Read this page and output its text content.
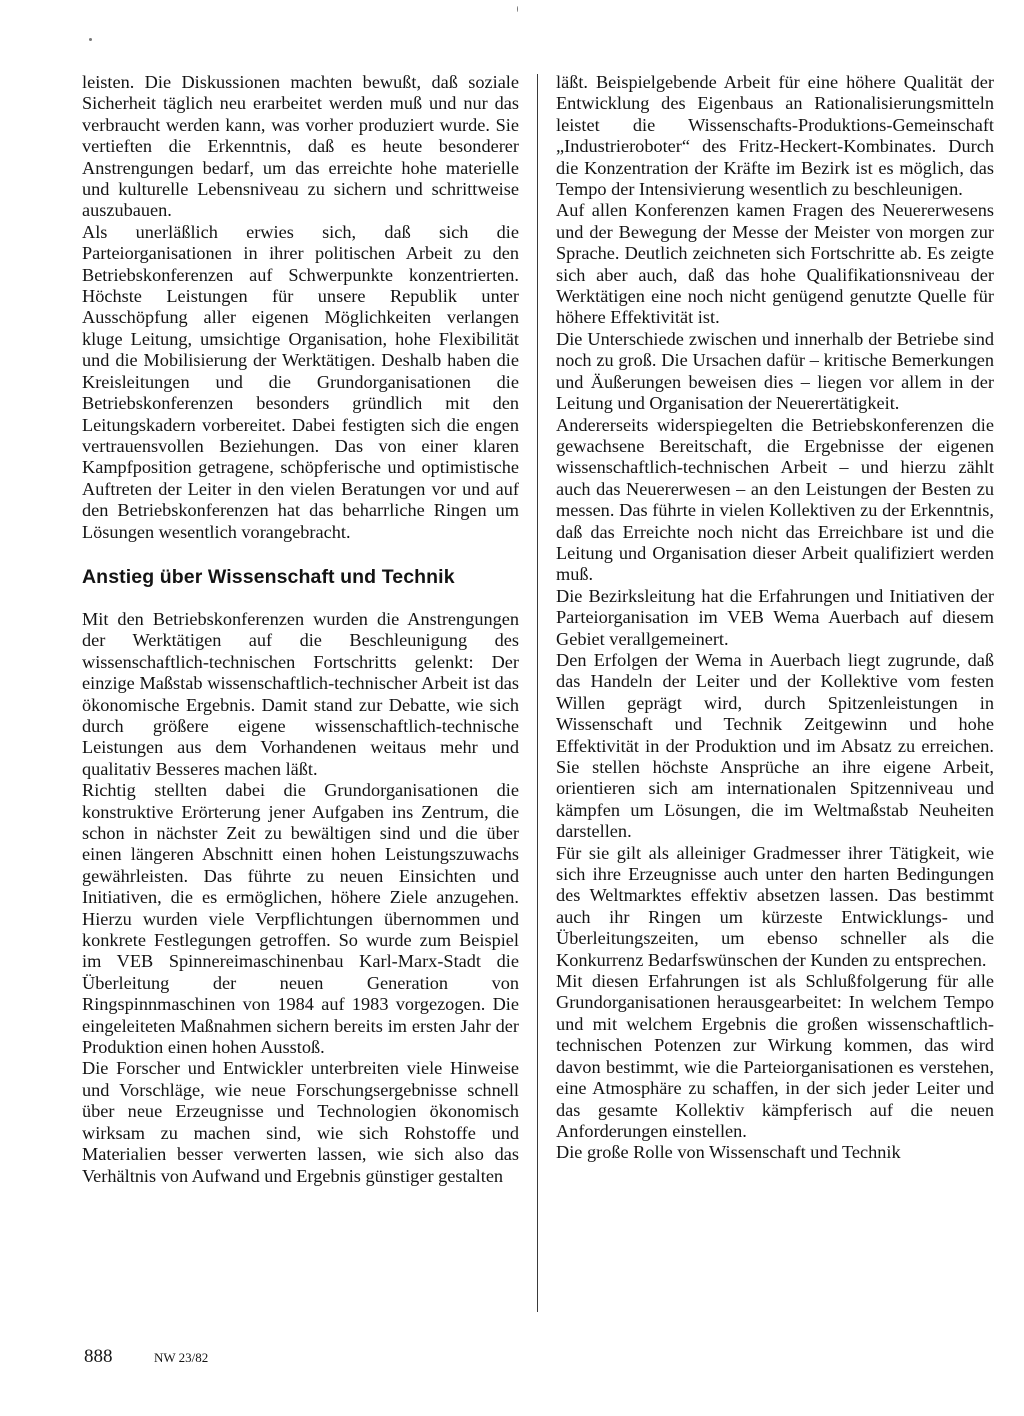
leisten. Die Diskussionen machten bewußt, daß soziale Sicherheit täglich neu erarbeitet werden muß und nur das verbraucht werden kann, was vorher produziert wurde. Sie vertieften die Erkenntnis, daß es heute besonderer Anstrengungen bedarf, um das erreichte hohe materielle und kulturelle Lebensniveau zu sichern und schrittweise auszubauen.

Als unerläßlich erwies sich, daß sich die Parteiorganisationen in ihrer politischen Arbeit zu den Betriebskonferenzen auf Schwerpunkte konzentrierten. Höchste Leistungen für unsere Republik unter Ausschöpfung aller eigenen Möglichkeiten verlangen kluge Leitung, umsichtige Organisation, hohe Flexibilität und die Mobilisierung der Werktätigen. Deshalb haben die Kreisleitungen und die Grundorganisationen die Betriebskonferenzen besonders gründlich mit den Leitungskadern vorbereitet. Dabei festigten sich die engen vertrauensvollen Beziehungen. Das von einer klaren Kampfposition getragene, schöpferische und optimistische Auftreten der Leiter in den vielen Beratungen vor und auf den Betriebskonferenzen hat das beharrliche Ringen um Lösungen wesentlich vorangebracht.

Anstieg über Wissenschaft und Technik

Mit den Betriebskonferenzen wurden die Anstrengungen der Werktätigen auf die Beschleunigung des wissenschaftlich-technischen Fortschritts gelenkt: Der einzige Maßstab wissenschaftlich-technischer Arbeit ist das ökonomische Ergebnis. Damit stand zur Debatte, wie sich durch größere eigene wissenschaftlich-technische Leistungen aus dem Vorhandenen weitaus mehr und qualitativ Besseres machen läßt.

Richtig stellten dabei die Grundorganisationen die konstruktive Erörterung jener Aufgaben ins Zentrum, die schon in nächster Zeit zu bewältigen sind und die über einen längeren Abschnitt einen hohen Leistungszuwachs gewährleisten. Das führte zu neuen Einsichten und Initiativen, die es ermöglichen, höhere Ziele anzugehen. Hierzu wurden viele Verpflichtungen übernommen und konkrete Festlegungen getroffen. So wurde zum Beispiel im VEB Spinnereimaschinenbau Karl-Marx-Stadt die Überleitung der neuen Generation von Ringspinnmaschinen von 1984 auf 1983 vorgezogen. Die eingeleiteten Maßnahmen sichern bereits im ersten Jahr der Produktion einen hohen Ausstoß.

Die Forscher und Entwickler unterbreiten viele Hinweise und Vorschläge, wie neue Forschungsergebnisse schnell über neue Erzeugnisse und Technologien ökonomisch wirksam zu machen sind, wie sich Rohstoffe und Materialien besser verwerten lassen, wie sich also das Verhältnis von Aufwand und Ergebnis günstiger gestalten

läßt. Beispielgebende Arbeit für eine höhere Qualität der Entwicklung des Eigenbaus an Rationalisierungsmitteln leistet die Wissenschafts-Produktions-Gemeinschaft „Industrieroboter“ des Fritz-Heckert-Kombinates. Durch die Konzentration der Kräfte im Bezirk ist es möglich, das Tempo der Intensivierung wesentlich zu beschleunigen.

Auf allen Konferenzen kamen Fragen des Neuererwesens und der Bewegung der Messe der Meister von morgen zur Sprache. Deutlich zeichneten sich Fortschritte ab. Es zeigte sich aber auch, daß das hohe Qualifikationsniveau der Werktätigen eine noch nicht genügend genutzte Quelle für höhere Effektivität ist.

Die Unterschiede zwischen und innerhalb der Betriebe sind noch zu groß. Die Ursachen dafür – kritische Bemerkungen und Äußerungen beweisen dies – liegen vor allem in der Leitung und Organisation der Neuerertätigkeit.

Andererseits widerspiegelten die Betriebskonferenzen die gewachsene Bereitschaft, die Ergebnisse der eigenen wissenschaftlich-technischen Arbeit – und hierzu zählt auch das Neuererwesen – an den Leistungen der Besten zu messen. Das führte in vielen Kollektiven zu der Erkenntnis, daß das Erreichte noch nicht das Erreichbare ist und die Leitung und Organisation dieser Arbeit qualifiziert werden muß.

Die Bezirksleitung hat die Erfahrungen und Initiativen der Parteiorganisation im VEB Wema Auerbach auf diesem Gebiet verallgemeinert.

Den Erfolgen der Wema in Auerbach liegt zugrunde, daß das Handeln der Leiter und der Kollektive vom festen Willen geprägt wird, durch Spitzenleistungen in Wissenschaft und Technik Zeitgewinn und hohe Effektivität in der Produktion und im Absatz zu erreichen. Sie stellen höchste Ansprüche an ihre eigene Arbeit, orientieren sich am internationalen Spitzenniveau und kämpfen um Lösungen, die im Weltmaßstab Neuheiten darstellen.

Für sie gilt als alleiniger Gradmesser ihrer Tätigkeit, wie sich ihre Erzeugnisse auch unter den harten Bedingungen des Weltmarktes effektiv absetzen lassen. Das bestimmt auch ihr Ringen um kürzeste Entwicklungs- und Überleitungszeiten, um ebenso schneller als die Konkurrenz Bedarfswünschen der Kunden zu entsprechen.

Mit diesen Erfahrungen ist als Schlußfolgerung für alle Grundorganisationen herausgearbeitet: In welchem Tempo und mit welchem Ergebnis die großen wissenschaftlich-technischen Potenzen zur Wirkung kommen, das wird davon bestimmt, wie die Parteiorganisationen es verstehen, eine Atmosphäre zu schaffen, in der sich jeder Leiter und das gesamte Kollektiv kämpferisch auf die neuen Anforderungen einstellen.

Die große Rolle von Wissenschaft und Technik

888	NW 23/82
